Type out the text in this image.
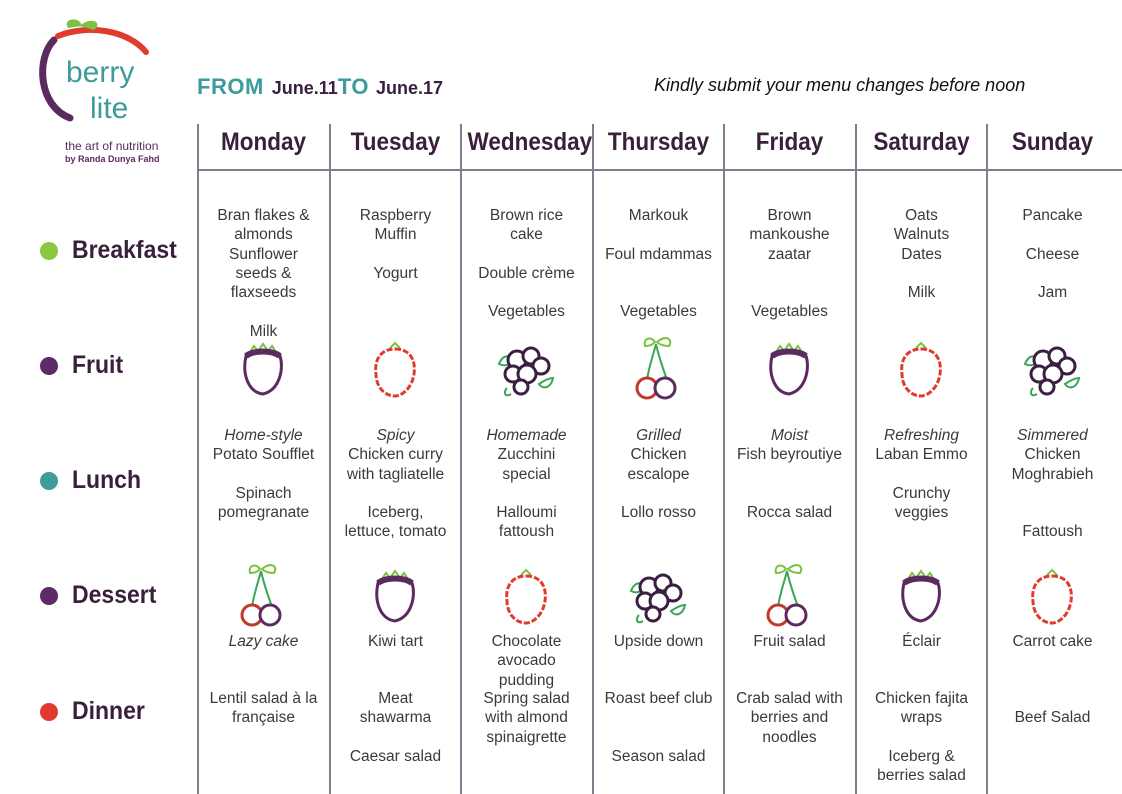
berry
lite
the art of nutrition
by Randa Dunya Fahd
FROM June.11 TO June.17	Kindly submit your menu changes before noon
Breakfast
Fruit
Lunch
Dessert
Dinner
Monday
Bran flakes &
almonds
Sunflower
seeds &
flaxseeds

Milk
Home-style
Potato Soufflet

Spinach
pomegranate
Lazy cake
Lentil salad à la
française
Tuesday
Raspberry
Muffin

Yogurt
Spicy
Chicken curry
with tagliatelle

Iceberg,
lettuce, tomato
Kiwi tart
Meat
shawarma

Caesar salad
Wednesday
Brown rice
cake

Double crème

Vegetables
Homemade
Zucchini
special

Halloumi
fattoush
Chocolate
avocado
pudding
Spring salad
with almond
spinaigrette
Thursday
Markouk

Foul mdammas

Vegetables
Grilled
Chicken
escalope

Lollo rosso
Upside down
Roast beef club

Season salad
Friday
Brown
mankoushe
zaatar

Vegetables
Moist
Fish beyroutiye

Rocca salad
Fruit salad
Crab salad with
berries and
noodles
Saturday
Oats
Walnuts
Dates

Milk
Refreshing
Laban Emmo

Crunchy
veggies
Éclair
Chicken fajita
wraps

Iceberg &
berries salad
Sunday
Pancake

Cheese

Jam
Simmered
Chicken
Moghrabieh

Fattoush
Carrot cake

Beef Salad
